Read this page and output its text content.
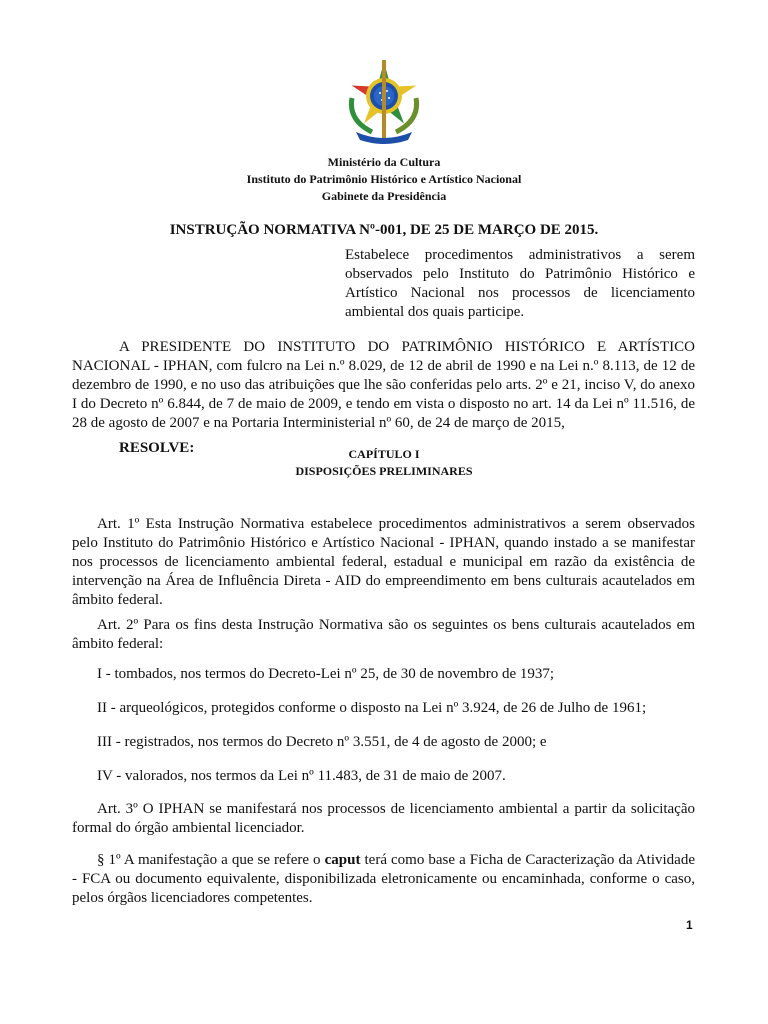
Ministério da Cultura
Instituto do Patrimônio Histórico e Artístico Nacional
Gabinete da Presidência
INSTRUÇÃO NORMATIVA Nº-001, DE 25 DE MARÇO DE 2015.
Estabelece procedimentos administrativos a serem observados pelo Instituto do Patrimônio Histórico e Artístico Nacional nos processos de licenciamento ambiental dos quais participe.
A PRESIDENTE DO INSTITUTO DO PATRIMÔNIO HISTÓRICO E ARTÍSTICO NACIONAL - IPHAN, com fulcro na Lei n.º 8.029, de 12 de abril de 1990 e na Lei n.º 8.113, de 12 de dezembro de 1990, e no uso das atribuições que lhe são conferidas pelo arts. 2º e 21, inciso V, do anexo I do Decreto nº 6.844, de 7 de maio de 2009, e tendo em vista o disposto no art. 14 da Lei nº 11.516, de 28 de agosto de 2007 e na Portaria Interministerial nº 60, de 24 de março de 2015,
RESOLVE:	CAPÍTULO I
DISPOSIÇÕES PRELIMINARES
Art. 1º Esta Instrução Normativa estabelece procedimentos administrativos a serem observados pelo Instituto do Patrimônio Histórico e Artístico Nacional - IPHAN, quando instado a se manifestar nos processos de licenciamento ambiental federal, estadual e municipal em razão da existência de intervenção na Área de Influência Direta - AID do empreendimento em bens culturais acautelados em âmbito federal.
Art. 2º Para os fins desta Instrução Normativa são os seguintes os bens culturais acautelados em âmbito federal:
I - tombados, nos termos do Decreto-Lei nº 25, de 30 de novembro de 1937;
II - arqueológicos, protegidos conforme o disposto na Lei nº 3.924, de 26 de Julho de 1961;
III - registrados, nos termos do Decreto nº 3.551, de 4 de agosto de 2000; e
IV - valorados, nos termos da Lei nº 11.483, de 31 de maio de 2007.
Art. 3º O IPHAN se manifestará nos processos de licenciamento ambiental a partir da solicitação formal do órgão ambiental licenciador.
§ 1º A manifestação a que se refere o caput terá como base a Ficha de Caracterização da Atividade - FCA ou documento equivalente, disponibilizada eletronicamente ou encaminhada, conforme o caso, pelos órgãos licenciadores competentes.
1
